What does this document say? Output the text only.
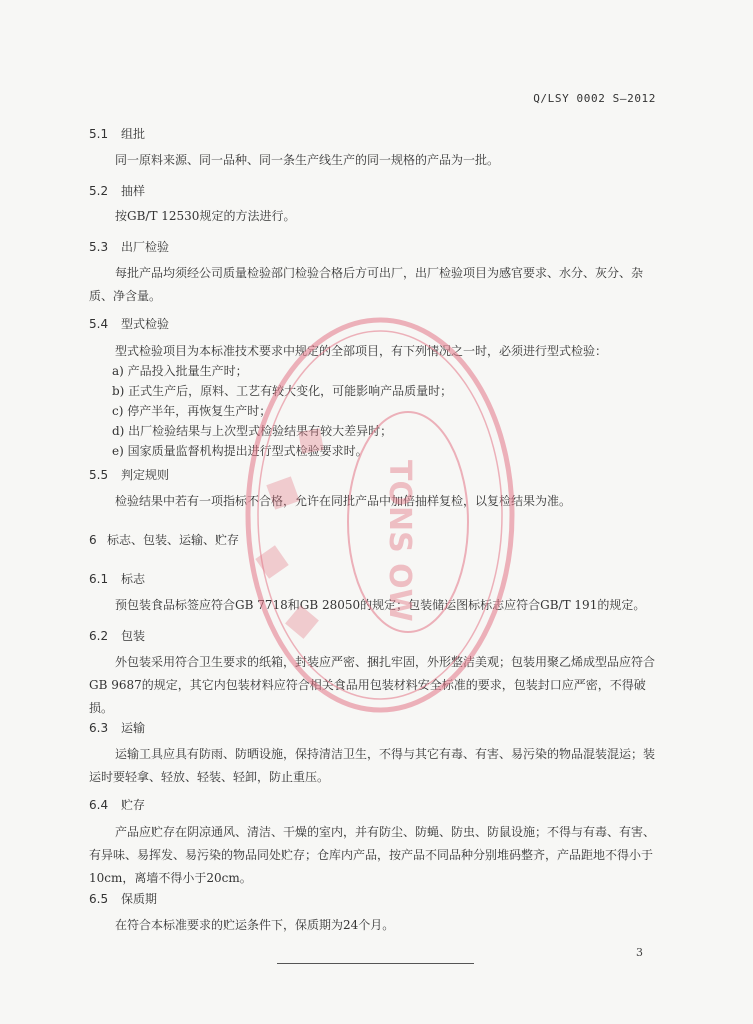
Q/LSY 0002 S—2012
5.1 组批
同一原料来源、同一品种、同一条生产线生产的同一规格的产品为一批。
5.2 抽样
按GB/T 12530规定的方法进行。
5.3 出厂检验
每批产品均须经公司质量检验部门检验合格后方可出厂，出厂检验项目为感官要求、水分、灰分、杂质、净含量。
5.4 型式检验
型式检验项目为本标准技术要求中规定的全部项目，有下列情况之一时，必须进行型式检验：
a) 产品投入批量生产时；
b) 正式生产后，原料、工艺有较大变化，可能影响产品质量时；
c) 停产半年，再恢复生产时；
d) 出厂检验结果与上次型式检验结果有较大差异时；
e) 国家质量监督机构提出进行型式检验要求时。
5.5 判定规则
检验结果中若有一项指标不合格，允许在同批产品中加倍抽样复检，以复检结果为准。
6 标志、包装、运输、贮存
6.1 标志
预包装食品标签应符合GB 7718和GB 28050的规定；包装储运图标标志应符合GB/T 191的规定。
6.2 包装
外包装采用符合卫生要求的纸箱，封装应严密、捆扎牢固，外形整洁美观；包装用聚乙烯成型品应符合GB 9687的规定，其它内包装材料应符合相关食品用包装材料安全标准的要求，包装封口应严密，不得破损。
6.3 运输
运输工具应具有防雨、防晒设施，保持清洁卫生，不得与其它有毒、有害、易污染的物品混装混运；装运时要轻拿、轻放、轻装、轻卸，防止重压。
6.4 贮存
产品应贮存在阴凉通风、清洁、干燥的室内，并有防尘、防蝇、防虫、防鼠设施；不得与有毒、有害、有异味、易挥发、易污染的物品同处贮存；仓库内产品，按产品不同品种分别堆码整齐，产品距地不得小于10cm，离墙不得小于20cm。
6.5 保质期
在符合本标准要求的贮运条件下，保质期为24个月。
3
TONS OW
